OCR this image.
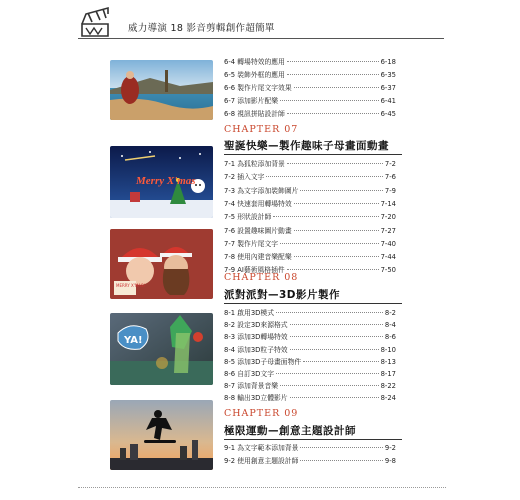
威力導演 18 影音剪輯創作超簡單
Merry X'mas
MERRY X'MAS!
YA!
6-4 轉場特效的應用	6-18
6-5 裝飾外框的應用	6-35
6-6 製作片尾文字效果	6-37
6-7 添加影片配樂	6-41
6-8 視訊拼貼設計師	6-45
CHAPTER 07
聖誕快樂—製作趣味子母畫面動畫
7-1 為狐粒添加背景	7-2
7-2 插入文字	7-6
7-3 為文字添加裝飾圖片	7-9
7-4 快速套用轉場特效	7-14
7-5 形狀設計師	7-20
7-6 設置趣味圖片動畫	7-27
7-7 製作片尾文字	7-40
7-8 使用內建音樂配樂	7-44
7-9 AI藝術風格插件	7-50
CHAPTER 08
派對派對—3D影片製作
8-1 啟用3D模式	8-2
8-2 設定3D來源格式	8-4
8-3 添加3D轉場特效	8-6
8-4 添加3D粒子特效	8-10
8-5 添加3D子母畫面物件	8-13
8-6 自訂3D文字	8-17
8-7 添加背景音樂	8-22
8-8 輸出3D立體影片	8-24
CHAPTER 09
極限運動—創意主題設計師
9-1 為文字範本添加背景	9-2
9-2 使用創意主題設計師	9-8
